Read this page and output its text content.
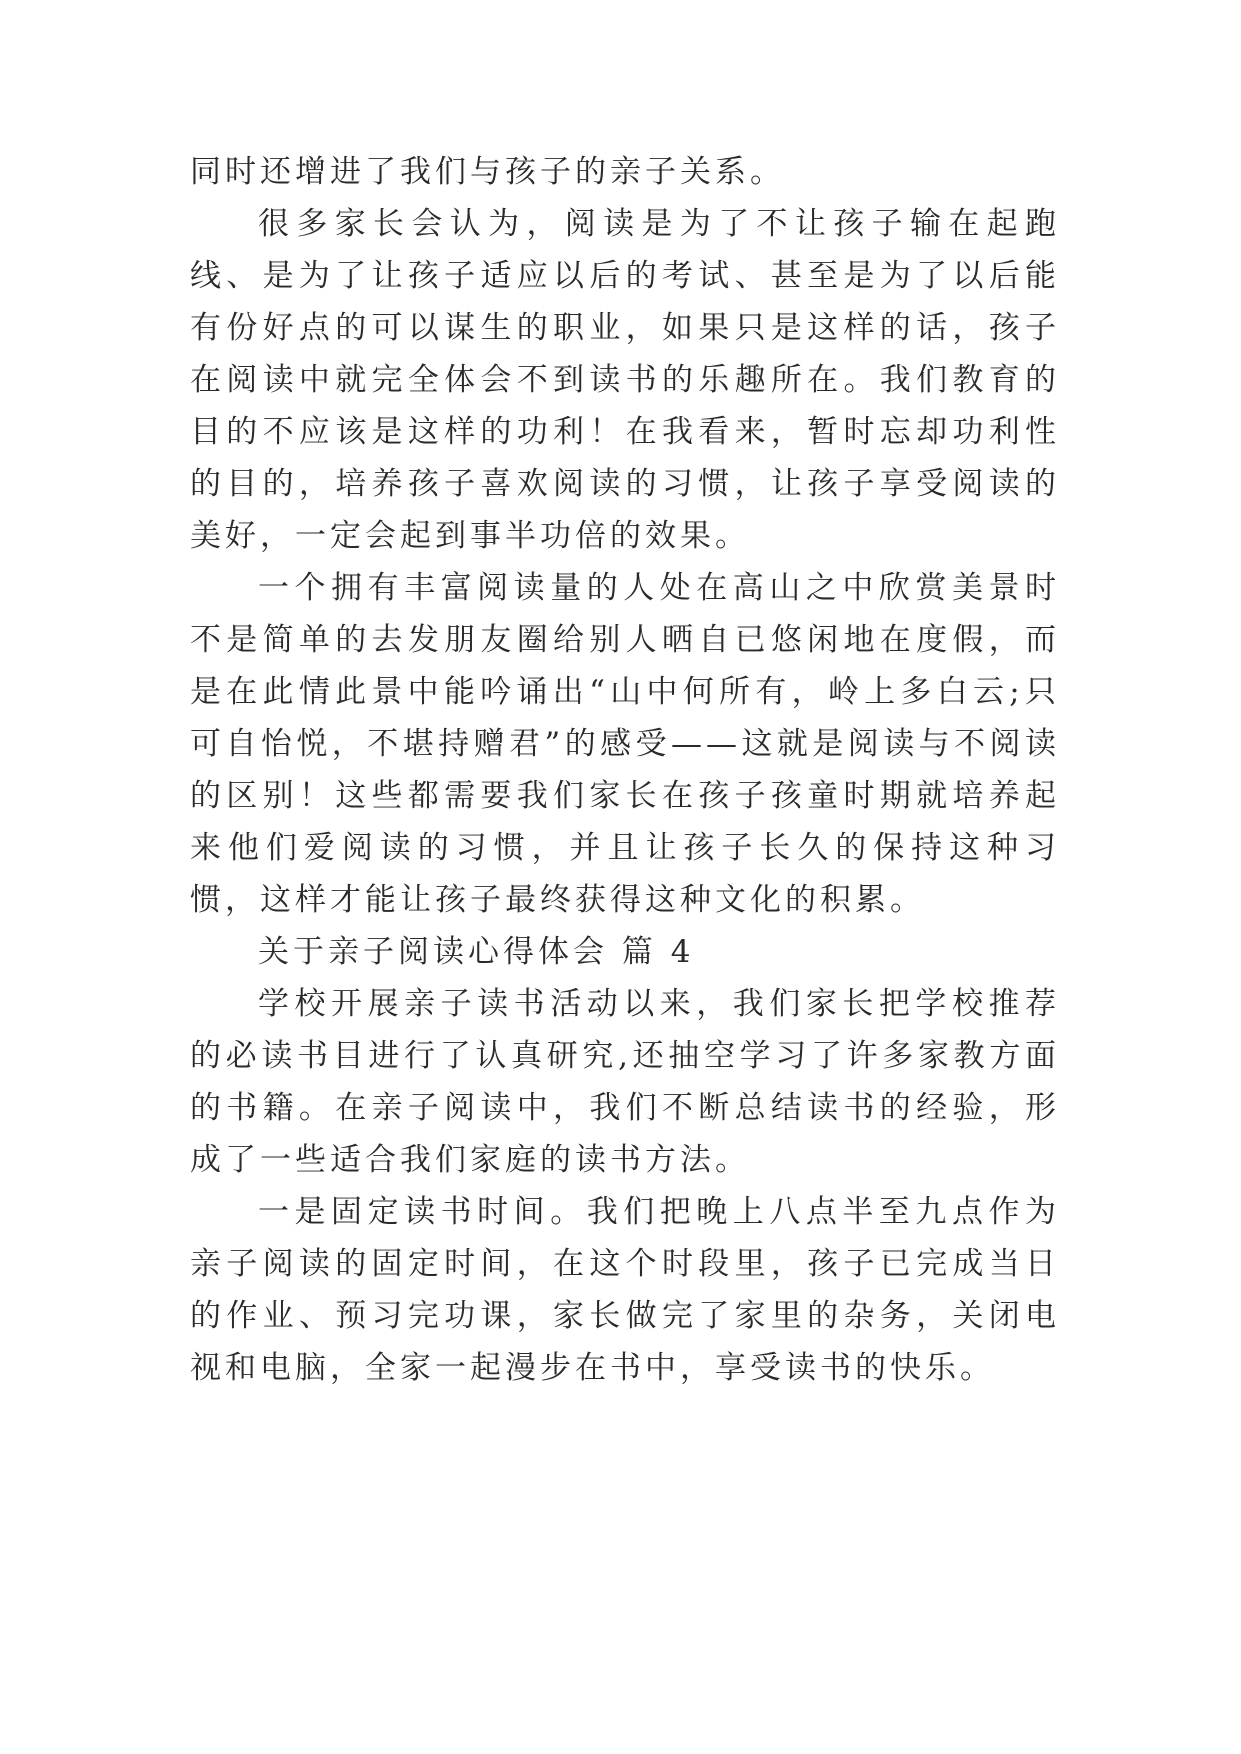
同时还增进了我们与孩子的亲子关系。

很多家长会认为，阅读是为了不让孩子输在起跑线、是为了让孩子适应以后的考试、甚至是为了以后能有份好点的可以谋生的职业，如果只是这样的话，孩子在阅读中就完全体会不到读书的乐趣所在。我们教育的目的不应该是这样的功利！在我看来，暂时忘却功利性的目的，培养孩子喜欢阅读的习惯，让孩子享受阅读的美好，一定会起到事半功倍的效果。

一个拥有丰富阅读量的人处在高山之中欣赏美景时不是简单的去发朋友圈给别人晒自已悠闲地在度假，而是在此情此景中能吟诵出“山中何所有，岭上多白云;只可自怡悦，不堪持赠君”的感受——这就是阅读与不阅读的区别！这些都需要我们家长在孩子孩童时期就培养起来他们爱阅读的习惯，并且让孩子长久的保持这种习惯，这样才能让孩子最终获得这种文化的积累。

关于亲子阅读心得体会 篇 4

学校开展亲子读书活动以来，我们家长把学校推荐的必读书目进行了认真研究,还抽空学习了许多家教方面的书籍。在亲子阅读中，我们不断总结读书的经验，形成了一些适合我们家庭的读书方法。

一是固定读书时间。我们把晚上八点半至九点作为亲子阅读的固定时间，在这个时段里，孩子已完成当日的作业、预习完功课，家长做完了家里的杂务，关闭电视和电脑，全家一起漫步在书中，享受读书的快乐。
